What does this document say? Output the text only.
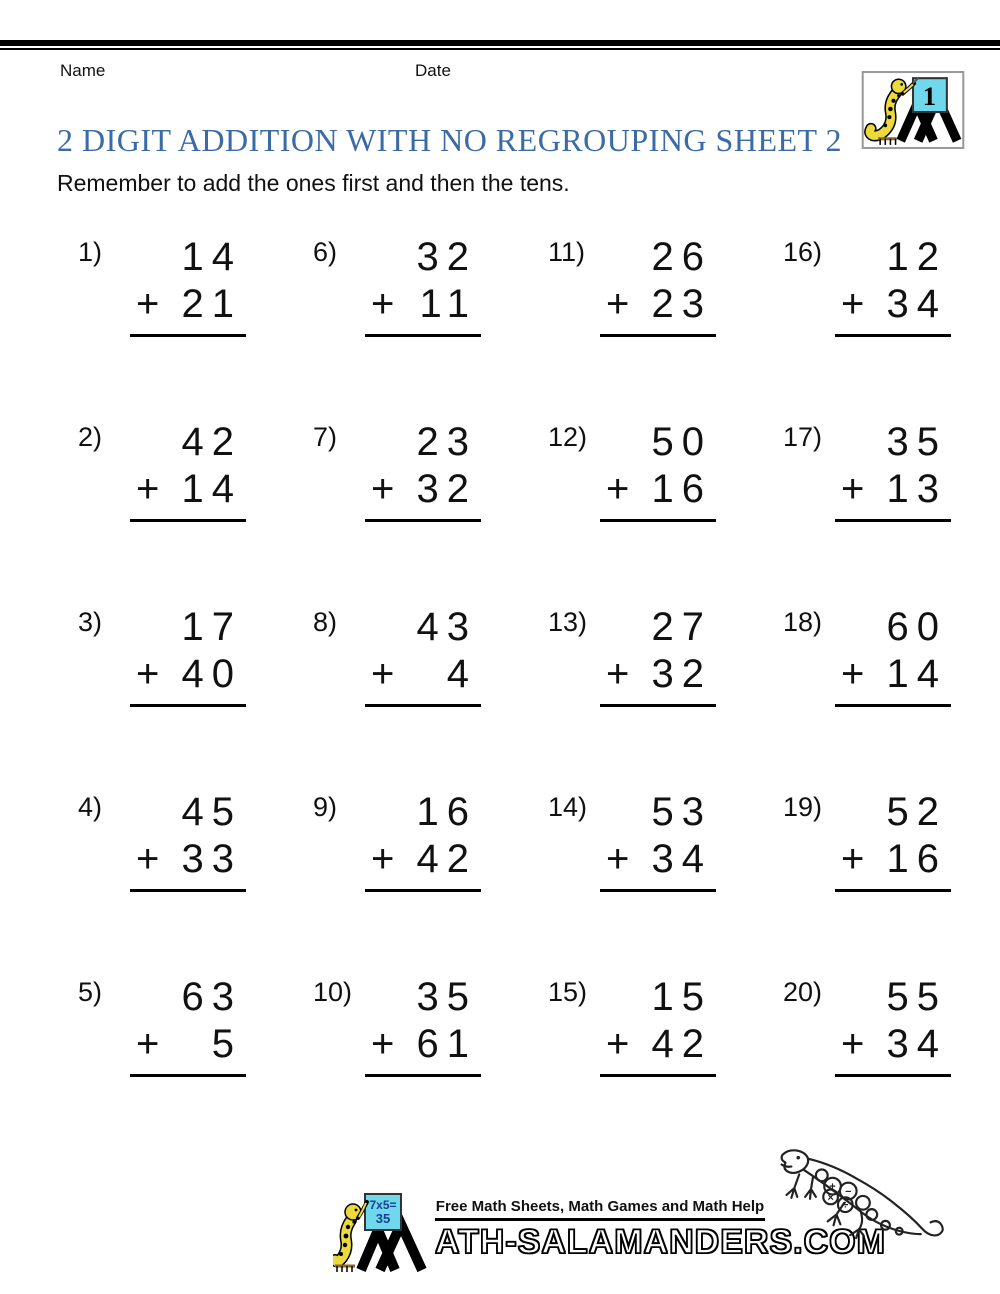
Name	Date
1
2 DIGIT ADDITION WITH NO REGROUPING SHEET 2
Remember to add the ones first and then the tens.
1)	14
+ 21
6)	32
+ 11
11)	26
+ 23
16)	12
+ 34
2)	42
+ 14
7)	23
+ 32
12)	50
+ 16
17)	35
+ 13
3)	17
+ 40
8)	43
+ 4
13)	27
+ 32
18)	60
+ 14
4)	45
+ 33
9)	16
+ 42
14)	53
+ 34
19)	52
+ 16
5)	63
+ 5
10)	35
+ 61
15)	15
+ 42
20)	55
+ 34
7x5=
35
Free Math Sheets, Math Games and Math Help
ATH-SALAMANDERS.COM
+ −
×
÷
